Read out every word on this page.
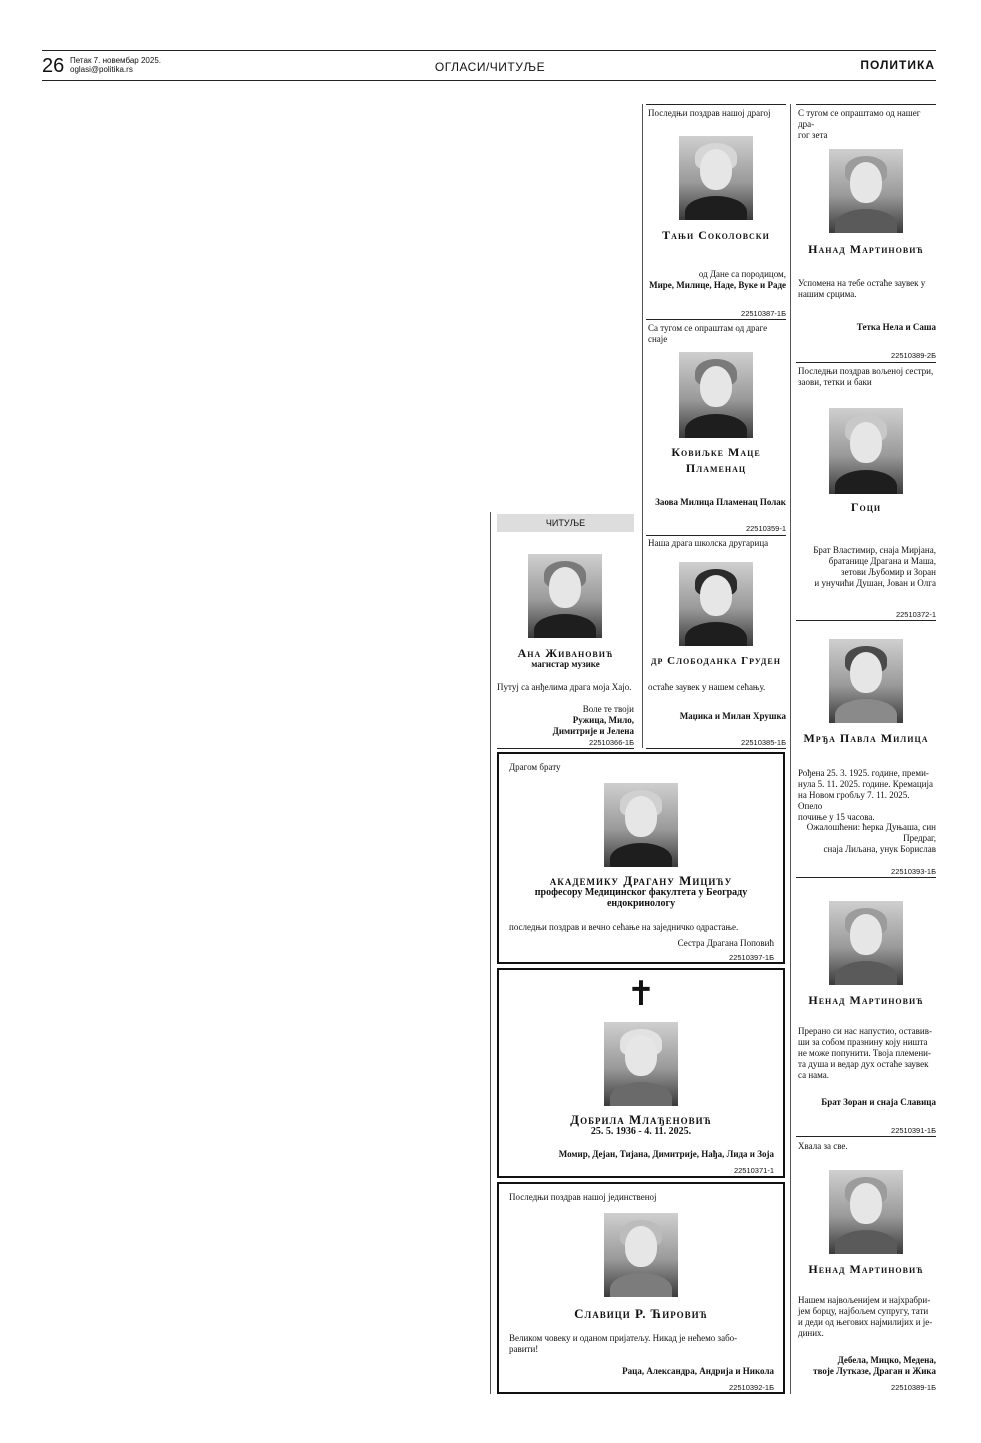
26 Петак 7. новембар 2025.
oglasi@politika.rs	ОГЛАСИ/ЧИТУЉЕ	ПОЛИТИКА
ЧИТУЉЕ
Ана Живановић
магистар музике
Путуј са анђелима драга моја Хајо.
Воле те твоји
Ружица, Мило,
Димитрије и Јелена
22510366-1Б
Последњи поздрав нашој драгој
Тањи Соколовски
од Дане са породицом,
Мире, Милице, Наде, Вуке и Раде
22510387-1Б
Са тугом се опраштам од драге снаје
Ковиљке Маце
Пламенац
Заова Милица Пламенац Полак
22510359-1
Наша драга школска другарица
др Слободанка Груден
остаће заувек у нашем сећању.
Маџика и Милан Хрушка
22510385-1Б
С тугом се опраштамо од нашег дра-
гог зета
Нанад Мартиновић
Успомена на тебе остаће заувек у
нашим срцима.
Тетка Нела и Саша
22510389-2Б
Последњи поздрав вољеној сестри,
заови, тетки и баки
Гоци
Брат Властимир, снаја Мирјана,
братанице Драгана и Маша,
зетови Љубомир и Зоран
и унучићи Душан, Јован и Олга
22510372-1
Мрђа Павла Милица
Рођена 25. 3. 1925. године, преми-
нула 5. 11. 2025. године. Кремација
на Новом гробљу 7. 11. 2025. Опело
почиње у 15 часова.
Ожалошћени: ћерка Дуњаша, син Предраг,
снаја Лиљана, унук Борислав
22510393-1Б
Ненад Мартиновић
Прерано си нас напустио, оставив-
ши за собом празнину коју ништа
не може попунити. Твоја племени-
та душа и ведар дух остаће заувек
са нама.
Брат Зоран и снаја Славица
22510391-1Б
Хвала за све.
Ненад Мартиновић
Нашем највољенијем и најхрабри-
јем борцу, најбољем супругу, тати
и деди од његових најмилијих и је-
диних.
Дебела, Мицко, Медена,
твоје Лутказе, Драган и Жика
22510389-1Б
Драгом брату
академику Драгану Мицићу
професору Медицинског факултета у Београду
ендокринологу
последњи поздрав и вечно сећање на заједничко одрастање.
Сестра Драгана Поповић
22510397-1Б
✝
Добрила Млађеновић
25. 5. 1936 - 4. 11. 2025.
Момир, Дејан, Тијана, Димитрије, Нађа, Лида и Зоја
22510371-1
Последњи поздрав нашој јединственој
Славици Р. Ћировић
Великом човеку и оданом пријатељу. Никад је нећемо забо-
равити!
Раца, Александра, Андрија и Никола
22510392-1Б
